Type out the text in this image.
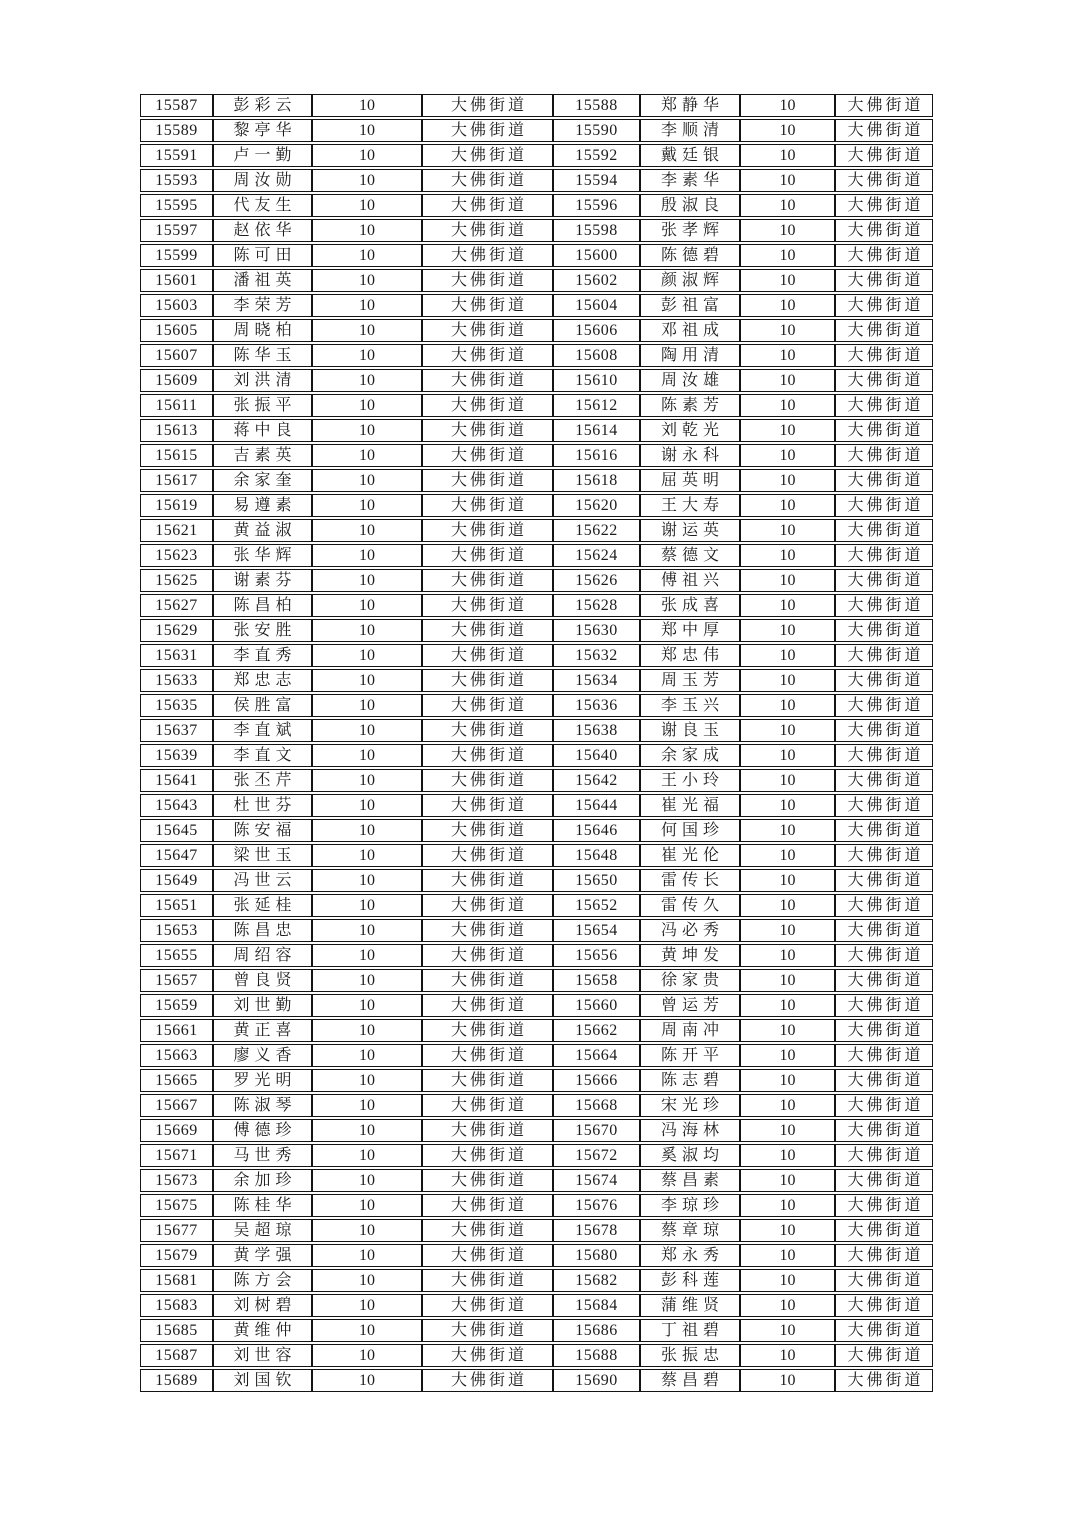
15587	彭彩云	10	大佛街道	15588	郑静华	10	大佛街道
15589	黎亭华	10	大佛街道	15590	李顺清	10	大佛街道
15591	卢一勤	10	大佛街道	15592	戴廷银	10	大佛街道
15593	周汝勋	10	大佛街道	15594	李素华	10	大佛街道
15595	代友生	10	大佛街道	15596	殷淑良	10	大佛街道
15597	赵依华	10	大佛街道	15598	张孝辉	10	大佛街道
15599	陈可田	10	大佛街道	15600	陈德碧	10	大佛街道
15601	潘祖英	10	大佛街道	15602	颜淑辉	10	大佛街道
15603	李荣芳	10	大佛街道	15604	彭祖富	10	大佛街道
15605	周晓柏	10	大佛街道	15606	邓祖成	10	大佛街道
15607	陈华玉	10	大佛街道	15608	陶用清	10	大佛街道
15609	刘洪清	10	大佛街道	15610	周汝雄	10	大佛街道
15611	张振平	10	大佛街道	15612	陈素芳	10	大佛街道
15613	蒋中良	10	大佛街道	15614	刘乾光	10	大佛街道
15615	吉素英	10	大佛街道	15616	谢永科	10	大佛街道
15617	余家奎	10	大佛街道	15618	屈英明	10	大佛街道
15619	易遵素	10	大佛街道	15620	王大寿	10	大佛街道
15621	黄益淑	10	大佛街道	15622	谢运英	10	大佛街道
15623	张华辉	10	大佛街道	15624	蔡德文	10	大佛街道
15625	谢素芬	10	大佛街道	15626	傅祖兴	10	大佛街道
15627	陈昌柏	10	大佛街道	15628	张成喜	10	大佛街道
15629	张安胜	10	大佛街道	15630	郑中厚	10	大佛街道
15631	李直秀	10	大佛街道	15632	郑忠伟	10	大佛街道
15633	郑忠志	10	大佛街道	15634	周玉芳	10	大佛街道
15635	侯胜富	10	大佛街道	15636	李玉兴	10	大佛街道
15637	李直斌	10	大佛街道	15638	谢良玉	10	大佛街道
15639	李直文	10	大佛街道	15640	余家成	10	大佛街道
15641	张丕芹	10	大佛街道	15642	王小玲	10	大佛街道
15643	杜世芬	10	大佛街道	15644	崔光福	10	大佛街道
15645	陈安福	10	大佛街道	15646	何国珍	10	大佛街道
15647	梁世玉	10	大佛街道	15648	崔光伦	10	大佛街道
15649	冯世云	10	大佛街道	15650	雷传长	10	大佛街道
15651	张延桂	10	大佛街道	15652	雷传久	10	大佛街道
15653	陈昌忠	10	大佛街道	15654	冯必秀	10	大佛街道
15655	周绍容	10	大佛街道	15656	黄坤发	10	大佛街道
15657	曾良贤	10	大佛街道	15658	徐家贵	10	大佛街道
15659	刘世勤	10	大佛街道	15660	曾运芳	10	大佛街道
15661	黄正喜	10	大佛街道	15662	周南冲	10	大佛街道
15663	廖义香	10	大佛街道	15664	陈开平	10	大佛街道
15665	罗光明	10	大佛街道	15666	陈志碧	10	大佛街道
15667	陈淑琴	10	大佛街道	15668	宋光珍	10	大佛街道
15669	傅德珍	10	大佛街道	15670	冯海林	10	大佛街道
15671	马世秀	10	大佛街道	15672	奚淑均	10	大佛街道
15673	余加珍	10	大佛街道	15674	蔡昌素	10	大佛街道
15675	陈桂华	10	大佛街道	15676	李琼珍	10	大佛街道
15677	吴超琼	10	大佛街道	15678	蔡章琼	10	大佛街道
15679	黄学强	10	大佛街道	15680	郑永秀	10	大佛街道
15681	陈方会	10	大佛街道	15682	彭科莲	10	大佛街道
15683	刘树碧	10	大佛街道	15684	蒲维贤	10	大佛街道
15685	黄维仲	10	大佛街道	15686	丁祖碧	10	大佛街道
15687	刘世容	10	大佛街道	15688	张振忠	10	大佛街道
15689	刘国钦	10	大佛街道	15690	蔡昌碧	10	大佛街道
